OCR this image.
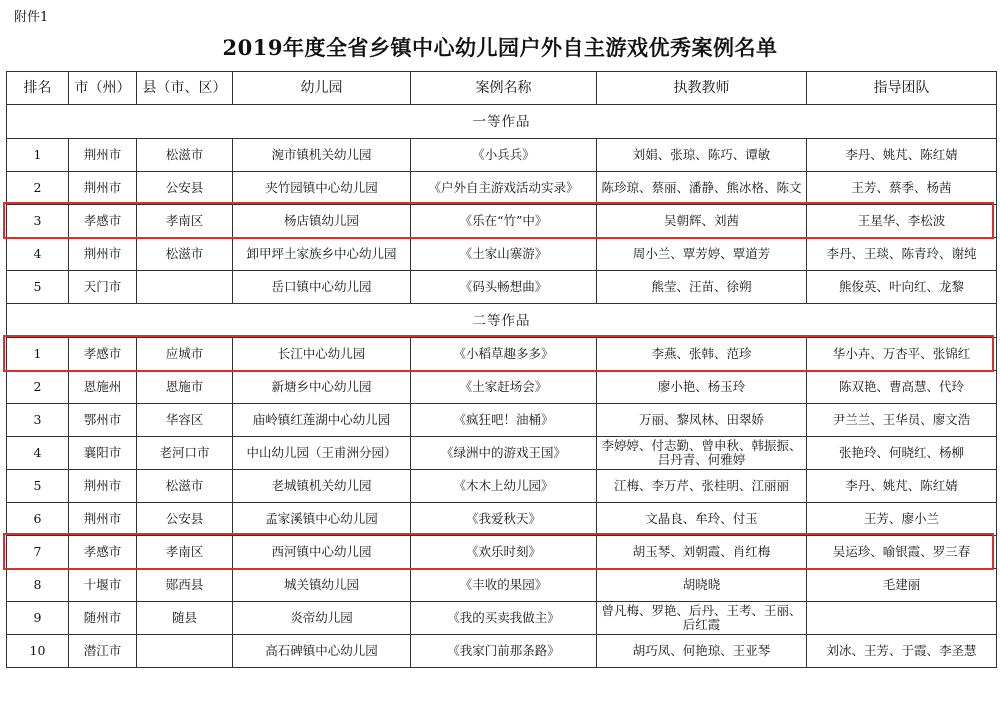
附件1
2019年度全省乡镇中心幼儿园户外自主游戏优秀案例名单
排名	市（州）	县（市、区）	幼儿园	案例名称	执教教师	指导团队
一等作品						
1	荆州市	松滋市	涴市镇机关幼儿园	《小兵兵》	刘娟、张琼、陈巧、谭敏	李丹、姚芃、陈红婧
2	荆州市	公安县	夹竹园镇中心幼儿园	《户外自主游戏活动实录》	陈珍琼、蔡丽、潘静、熊冰格、陈文	王芳、蔡季、杨茜
3	孝感市	孝南区	杨店镇幼儿园	《乐在“竹”中》	吴朝辉、刘茜	王星华、李松波
4	荆州市	松滋市	卸甲坪土家族乡中心幼儿园	《土家山寨游》	周小兰、覃芳婷、覃道芳	李丹、王琰、陈青玲、谢纯
5	天门市		岳口镇中心幼儿园	《码头畅想曲》	熊莹、汪苗、徐朔	熊俊英、叶向红、龙黎
二等作品						
1	孝感市	应城市	长江中心幼儿园	《小稻草趣多多》	李燕、张韩、范珍	华小卉、万杏平、张锦红
2	恩施州	恩施市	新塘乡中心幼儿园	《土家赶场会》	廖小艳、杨玉玲	陈双艳、曹高慧、代玲
3	鄂州市	华容区	庙岭镇红莲湖中心幼儿园	《疯狂吧！油桶》	万丽、黎凤林、田翠娇	尹兰兰、王华员、廖文浩
4	襄阳市	老河口市	中山幼儿园（王甫洲分园）	《绿洲中的游戏王国》	李婷婷、付志勤、曾申秋、韩振振、吕丹青、何雅婷	张艳玲、何晓红、杨柳
5	荆州市	松滋市	老城镇机关幼儿园	《木木上幼儿园》	江梅、李万芹、张桂明、江丽丽	李丹、姚芃、陈红婧
6	荆州市	公安县	孟家溪镇中心幼儿园	《我爱秋天》	文晶良、牟玲、付玉	王芳、廖小兰
7	孝感市	孝南区	西河镇中心幼儿园	《欢乐时刻》	胡玉琴、刘朝霞、肖红梅	吴运珍、喻银霞、罗三春
8	十堰市	郧西县	城关镇幼儿园	《丰收的果园》	胡晓晓	毛建丽
9	随州市	随县	炎帝幼儿园	《我的买卖我做主》	曾凡梅、罗艳、后丹、王考、王丽、后红霞	
10	潜江市		高石碑镇中心幼儿园	《我家门前那条路》	胡巧凤、何艳琼、王亚琴	刘冰、王芳、于霞、李圣慧
